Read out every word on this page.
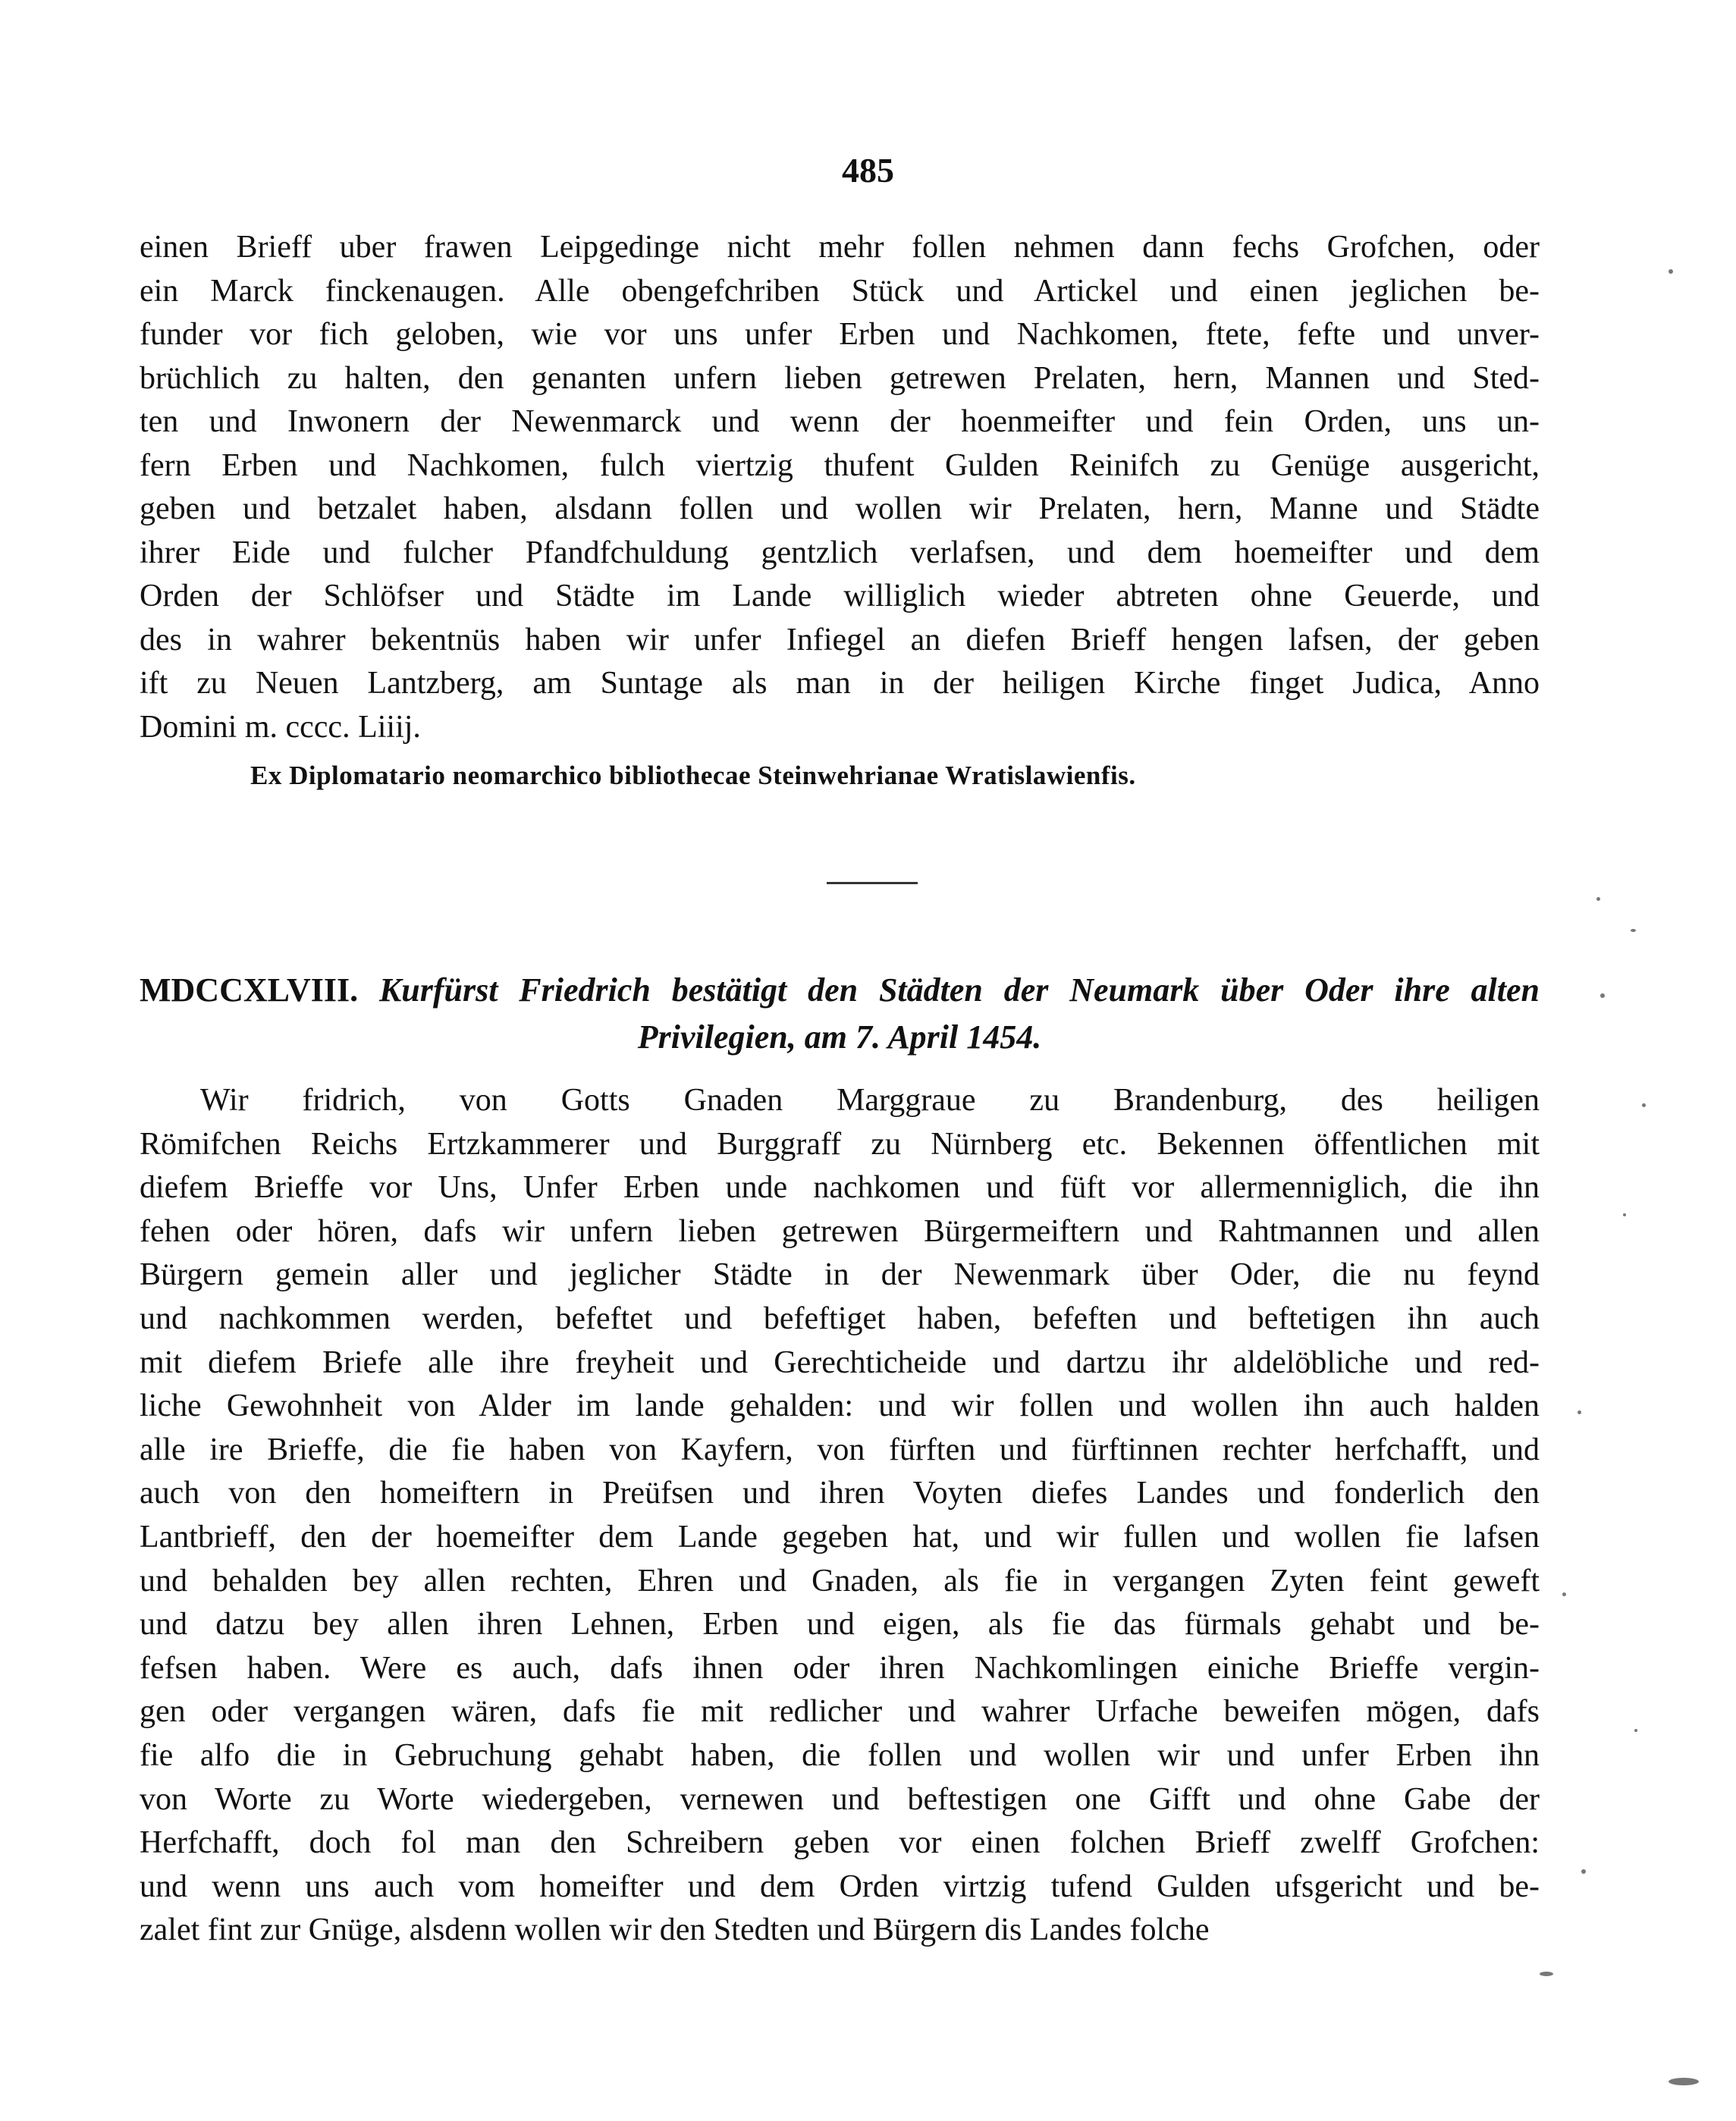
485
einen Brieff uber frawen Leipgedinge nicht mehr follen nehmen dann fechs Grofchen, oder
ein Marck finckenaugen. Alle obengefchriben Stück und Artickel und einen jeglichen be-
funder vor fich geloben, wie vor uns unfer Erben und Nachkomen, ftete, fefte und unver-
brüchlich zu halten, den genanten unfern lieben getrewen Prelaten, hern, Mannen und Sted-
ten und Inwonern der Newenmarck und wenn der hoenmeifter und fein Orden, uns un-
fern Erben und Nachkomen, fulch viertzig thufent Gulden Reinifch zu Genüge ausgericht,
geben und betzalet haben, alsdann follen und wollen wir Prelaten, hern, Manne und Städte
ihrer Eide und fulcher Pfandfchuldung gentzlich verlafsen, und dem hoemeifter und dem
Orden der Schlöfser und Städte im Lande williglich wieder abtreten ohne Geuerde, und
des in wahrer bekentnüs haben wir unfer Infiegel an diefen Brieff hengen lafsen, der geben
ift zu Neuen Lantzberg, am Suntage als man in der heiligen Kirche finget Judica, Anno
Domini m. cccc. Liiij.
Ex Diplomatario neomarchico bibliothecae Steinwehrianae Wratislawienfis.
MDCCXLVIII. Kurfürst Friedrich bestätigt den Städten der Neumark über Oder ihre alten
Privilegien, am 7. April 1454.
Wir fridrich, von Gotts Gnaden Marggraue zu Brandenburg, des heiligen
Römifchen Reichs Ertzkammerer und Burggraff zu Nürnberg etc. Bekennen öffentlichen mit
diefem Brieffe vor Uns, Unfer Erben unde nachkomen und füft vor allermenniglich, die ihn
fehen oder hören, dafs wir unfern lieben getrewen Bürgermeiftern und Rahtmannen und allen
Bürgern gemein aller und jeglicher Städte in der Newenmark über Oder, die nu feynd
und nachkommen werden, befeftet und befeftiget haben, befeften und beftetigen ihn auch
mit diefem Briefe alle ihre freyheit und Gerechticheide und dartzu ihr aldelöbliche und red-
liche Gewohnheit von Alder im lande gehalden: und wir follen und wollen ihn auch halden
alle ire Brieffe, die fie haben von Kayfern, von fürften und fürftinnen rechter herfchafft, und
auch von den homeiftern in Preüfsen und ihren Voyten diefes Landes und fonderlich den
Lantbrieff, den der hoemeifter dem Lande gegeben hat, und wir fullen und wollen fie lafsen
und behalden bey allen rechten, Ehren und Gnaden, als fie in vergangen Zyten feint geweft
und datzu bey allen ihren Lehnen, Erben und eigen, als fie das fürmals gehabt und be-
fefsen haben. Were es auch, dafs ihnen oder ihren Nachkomlingen einiche Brieffe vergin-
gen oder vergangen wären, dafs fie mit redlicher und wahrer Urfache beweifen mögen, dafs
fie alfo die in Gebruchung gehabt haben, die follen und wollen wir und unfer Erben ihn
von Worte zu Worte wiedergeben, vernewen und beftestigen one Gifft und ohne Gabe der
Herfchafft, doch fol man den Schreibern geben vor einen folchen Brieff zwelff Grofchen:
und wenn uns auch vom homeifter und dem Orden virtzig tufend Gulden ufsgericht und be-
zalet fint zur Gnüge, alsdenn wollen wir den Stedten und Bürgern dis Landes folche
